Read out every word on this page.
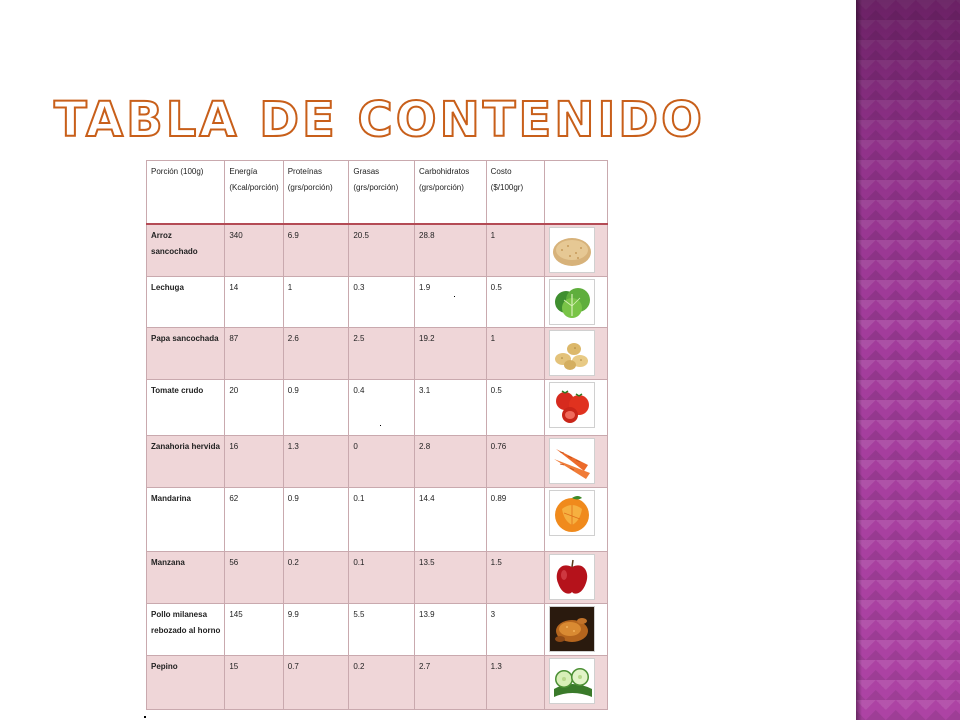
TABLA DE CONTENIDO
Porción (100g)	Energía (Kcal/porción)	Proteínas (grs/porción)	Grasas (grs/porción)	Carbohidratos (grs/porción)	Costo ($/100gr)	
Arroz sancochado	340	6.9	20.5	28.8	1	

Lechuga	14	1	0.3	1.9	0.5	

Papa sancochada	87	2.6	2.5	19.2	1	

Tomate crudo	20	0.9	0.4	3.1	0.5	

Zanahoria hervida	16	1.3	0	2.8	0.76	

Mandarina	62	0.9	0.1	14.4	0.89	

Manzana	56	0.2	0.1	13.5	1.5	

Pollo milanesa rebozado al horno	145	9.9	5.5	13.9	3	

Pepino	15	0.7	0.2	2.7	1.3	
